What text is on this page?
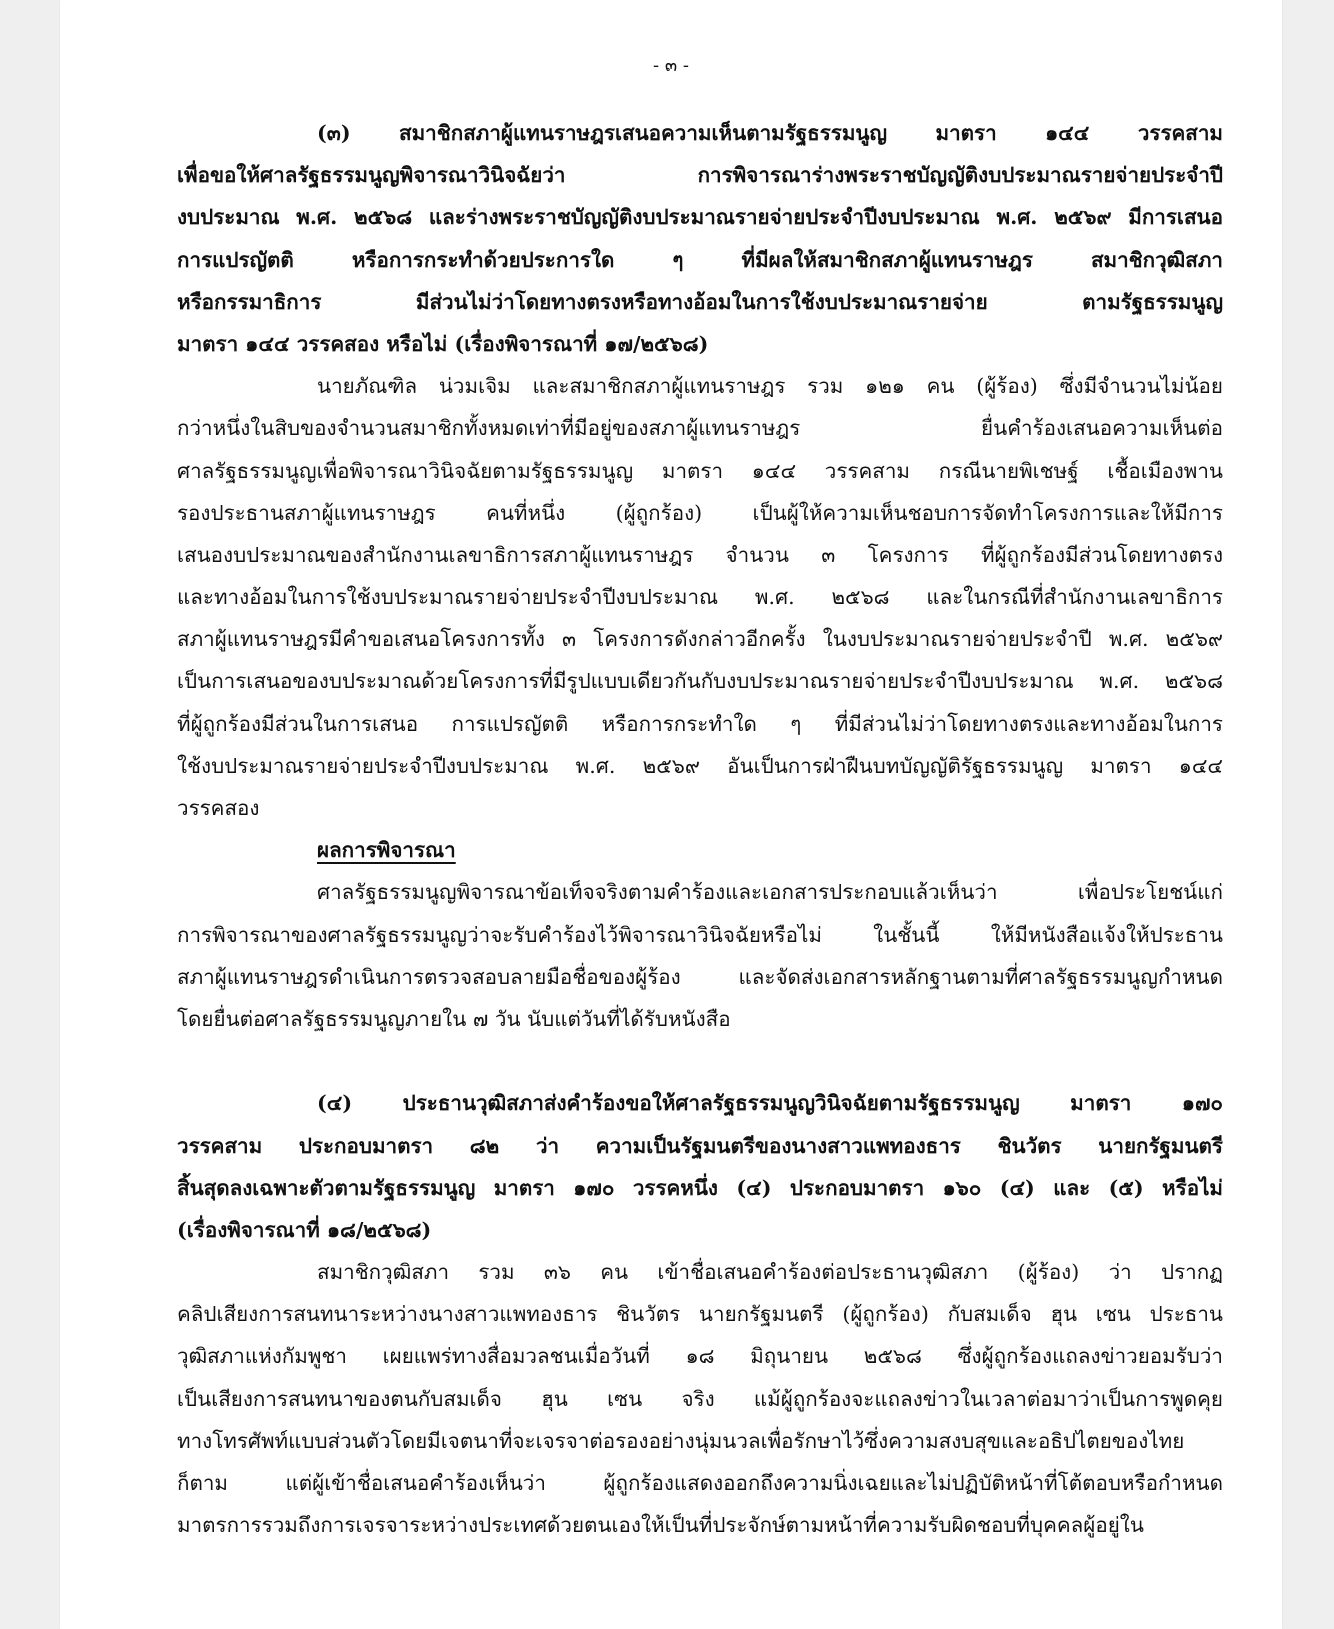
- ๓ -
(๓) สมาชิกสภาผู้แทนราษฎรเสนอความเห็นตามรัฐธรรมนูญ มาตรา ๑๔๔ วรรคสาม
เพื่อขอให้ศาลรัฐธรรมนูญพิจารณาวินิจฉัยว่า การพิจารณาร่างพระราชบัญญัติงบประมาณรายจ่ายประจำปี
งบประมาณ พ.ศ. ๒๕๖๘ และร่างพระราชบัญญัติงบประมาณรายจ่ายประจำปีงบประมาณ พ.ศ. ๒๕๖๙ มีการเสนอ
การแปรญัตติ หรือการกระทำด้วยประการใด ๆ ที่มีผลให้สมาชิกสภาผู้แทนราษฎร สมาชิกวุฒิสภา
หรือกรรมาธิการ มีส่วนไม่ว่าโดยทางตรงหรือทางอ้อมในการใช้งบประมาณรายจ่าย ตามรัฐธรรมนูญ
มาตรา ๑๔๔ วรรคสอง หรือไม่ (เรื่องพิจารณาที่ ๑๗/๒๕๖๘)
นายภัณฑิล น่วมเจิม และสมาชิกสภาผู้แทนราษฎร รวม ๑๒๑ คน (ผู้ร้อง) ซึ่งมีจำนวนไม่น้อย
กว่าหนึ่งในสิบของจำนวนสมาชิกทั้งหมดเท่าที่มีอยู่ของสภาผู้แทนราษฎร ยื่นคำร้องเสนอความเห็นต่อ
ศาลรัฐธรรมนูญเพื่อพิจารณาวินิจฉัยตามรัฐธรรมนูญ มาตรา ๑๔๔ วรรคสาม กรณีนายพิเชษฐ์ เชื้อเมืองพาน
รองประธานสภาผู้แทนราษฎร คนที่หนึ่ง (ผู้ถูกร้อง) เป็นผู้ให้ความเห็นชอบการจัดทำโครงการและให้มีการ
เสนองบประมาณของสำนักงานเลขาธิการสภาผู้แทนราษฎร จำนวน ๓ โครงการ ที่ผู้ถูกร้องมีส่วนโดยทางตรง
และทางอ้อมในการใช้งบประมาณรายจ่ายประจำปีงบประมาณ พ.ศ. ๒๕๖๘ และในกรณีที่สำนักงานเลขาธิการ
สภาผู้แทนราษฎรมีคำขอเสนอโครงการทั้ง ๓ โครงการดังกล่าวอีกครั้ง ในงบประมาณรายจ่ายประจำปี พ.ศ. ๒๕๖๙
เป็นการเสนอของบประมาณด้วยโครงการที่มีรูปแบบเดียวกันกับงบประมาณรายจ่ายประจำปีงบประมาณ พ.ศ. ๒๕๖๘
ที่ผู้ถูกร้องมีส่วนในการเสนอ การแปรญัตติ หรือการกระทำใด ๆ ที่มีส่วนไม่ว่าโดยทางตรงและทางอ้อมในการ
ใช้งบประมาณรายจ่ายประจำปีงบประมาณ พ.ศ. ๒๕๖๙ อันเป็นการฝ่าฝืนบทบัญญัติรัฐธรรมนูญ มาตรา ๑๔๔
วรรคสอง
ผลการพิจารณา
ศาลรัฐธรรมนูญพิจารณาข้อเท็จจริงตามคำร้องและเอกสารประกอบแล้วเห็นว่า เพื่อประโยชน์แก่
การพิจารณาของศาลรัฐธรรมนูญว่าจะรับคำร้องไว้พิจารณาวินิจฉัยหรือไม่ ในชั้นนี้ ให้มีหนังสือแจ้งให้ประธาน
สภาผู้แทนราษฎรดำเนินการตรวจสอบลายมือชื่อของผู้ร้อง และจัดส่งเอกสารหลักฐานตามที่ศาลรัฐธรรมนูญกำหนด
โดยยื่นต่อศาลรัฐธรรมนูญภายใน ๗ วัน นับแต่วันที่ได้รับหนังสือ
(๔) ประธานวุฒิสภาส่งคำร้องขอให้ศาลรัฐธรรมนูญวินิจฉัยตามรัฐธรรมนูญ มาตรา ๑๗๐
วรรคสาม ประกอบมาตรา ๘๒ ว่า ความเป็นรัฐมนตรีของนางสาวแพทองธาร ชินวัตร นายกรัฐมนตรี
สิ้นสุดลงเฉพาะตัวตามรัฐธรรมนูญ มาตรา ๑๗๐ วรรคหนึ่ง (๔) ประกอบมาตรา ๑๖๐ (๔) และ (๕) หรือไม่
(เรื่องพิจารณาที่ ๑๘/๒๕๖๘)
สมาชิกวุฒิสภา รวม ๓๖ คน เข้าชื่อเสนอคำร้องต่อประธานวุฒิสภา (ผู้ร้อง) ว่า ปรากฏ
คลิปเสียงการสนทนาระหว่างนางสาวแพทองธาร ชินวัตร นายกรัฐมนตรี (ผู้ถูกร้อง) กับสมเด็จ ฮุน เซน ประธาน
วุฒิสภาแห่งกัมพูชา เผยแพร่ทางสื่อมวลชนเมื่อวันที่ ๑๘ มิถุนายน ๒๕๖๘ ซึ่งผู้ถูกร้องแถลงข่าวยอมรับว่า
เป็นเสียงการสนทนาของตนกับสมเด็จ ฮุน เซน จริง แม้ผู้ถูกร้องจะแถลงข่าวในเวลาต่อมาว่าเป็นการพูดคุย
ทางโทรศัพท์แบบส่วนตัวโดยมีเจตนาที่จะเจรจาต่อรองอย่างนุ่มนวลเพื่อรักษาไว้ซึ่งความสงบสุขและอธิปไตยของไทย
ก็ตาม แต่ผู้เข้าชื่อเสนอคำร้องเห็นว่า ผู้ถูกร้องแสดงออกถึงความนิ่งเฉยและไม่ปฏิบัติหน้าที่โต้ตอบหรือกำหนด
มาตรการรวมถึงการเจรจาระหว่างประเทศด้วยตนเองให้เป็นที่ประจักษ์ตามหน้าที่ความรับผิดชอบที่บุคคลผู้อยู่ใน
